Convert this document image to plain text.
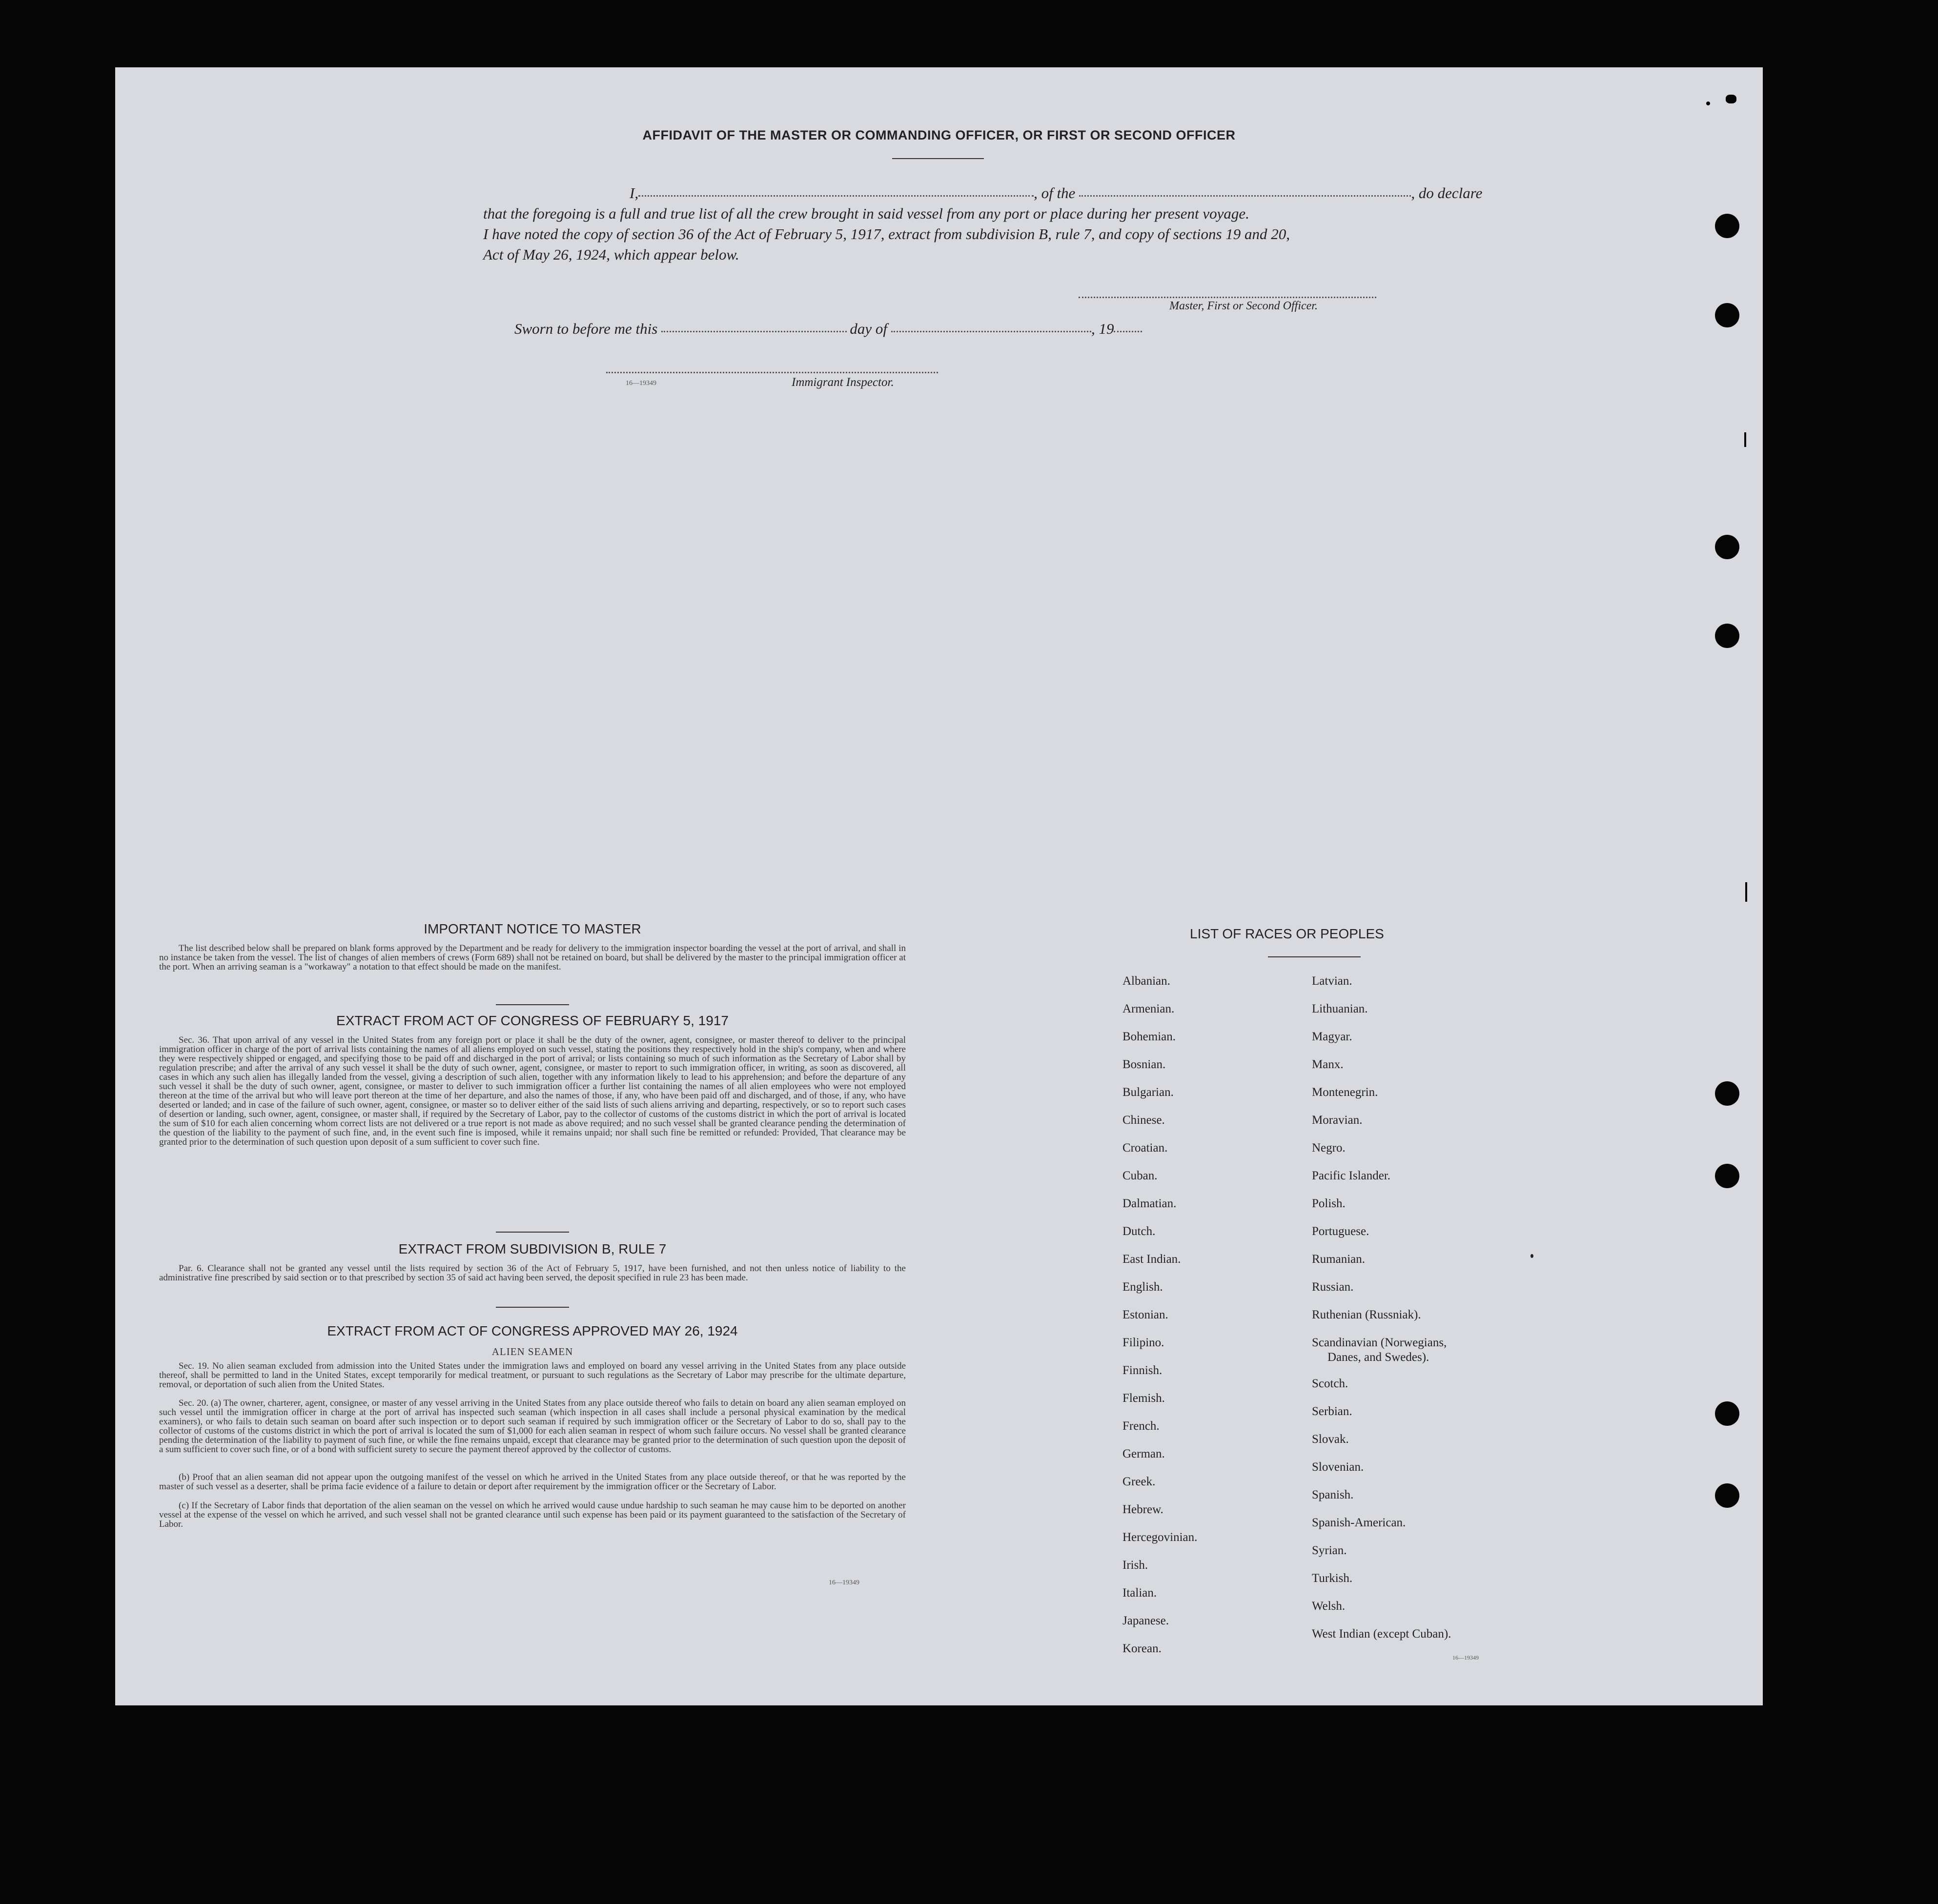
AFFIDAVIT OF THE MASTER OR COMMANDING OFFICER, OR FIRST OR SECOND OFFICER
I,	, of the	, do declare
that the foregoing is a full and true list of all the crew brought in said vessel from any port or place during her present voyage.
I have noted the copy of section 36 of the Act of February 5, 1917, extract from subdivision B, rule 7, and copy of sections 19 and 20,
Act of May 26, 1924, which appear below.
Master, First or Second Officer.
Sworn to before me this	day of	, 19
16—19349	Immigrant Inspector.
IMPORTANT NOTICE TO MASTER
The list described below shall be prepared on blank forms approved by the Department and be ready for delivery to the immigration inspector boarding the vessel at the port of arrival, and shall in no instance be taken from the vessel. The list of changes of alien members of crews (Form 689) shall not be retained on board, but shall be delivered by the master to the principal immigration officer at the port. When an arriving seaman is a "workaway" a notation to that effect should be made on the manifest.
EXTRACT FROM ACT OF CONGRESS OF FEBRUARY 5, 1917
Sec. 36. That upon arrival of any vessel in the United States from any foreign port or place it shall be the duty of the owner, agent, consignee, or master thereof to deliver to the principal immigration officer in charge of the port of arrival lists containing the names of all aliens employed on such vessel, stating the positions they respectively hold in the ship's company, when and where they were respectively shipped or engaged, and specifying those to be paid off and discharged in the port of arrival; or lists containing so much of such information as the Secretary of Labor shall by regulation prescribe; and after the arrival of any such vessel it shall be the duty of such owner, agent, consignee, or master to report to such immigration officer, in writing, as soon as discovered, all cases in which any such alien has illegally landed from the vessel, giving a description of such alien, together with any information likely to lead to his apprehension; and before the departure of any such vessel it shall be the duty of such owner, agent, consignee, or master to deliver to such immigration officer a further list containing the names of all alien employees who were not employed thereon at the time of the arrival but who will leave port thereon at the time of her departure, and also the names of those, if any, who have been paid off and discharged, and of those, if any, who have deserted or landed; and in case of the failure of such owner, agent, consignee, or master so to deliver either of the said lists of such aliens arriving and departing, respectively, or so to report such cases of desertion or landing, such owner, agent, consignee, or master shall, if required by the Secretary of Labor, pay to the collector of customs of the customs district in which the port of arrival is located the sum of $10 for each alien concerning whom correct lists are not delivered or a true report is not made as above required; and no such vessel shall be granted clearance pending the determination of the question of the liability to the payment of such fine, and, in the event such fine is imposed, while it remains unpaid; nor shall such fine be remitted or refunded: Provided, That clearance may be granted prior to the determination of such question upon deposit of a sum sufficient to cover such fine.
EXTRACT FROM SUBDIVISION B, RULE 7
Par. 6. Clearance shall not be granted any vessel until the lists required by section 36 of the Act of February 5, 1917, have been furnished, and not then unless notice of liability to the administrative fine prescribed by said section or to that prescribed by section 35 of said act having been served, the deposit specified in rule 23 has been made.
EXTRACT FROM ACT OF CONGRESS APPROVED MAY 26, 1924
ALIEN SEAMEN
Sec. 19. No alien seaman excluded from admission into the United States under the immigration laws and employed on board any vessel arriving in the United States from any place outside thereof, shall be permitted to land in the United States, except temporarily for medical treatment, or pursuant to such regulations as the Secretary of Labor may prescribe for the ultimate departure, removal, or deportation of such alien from the United States.
Sec. 20. (a) The owner, charterer, agent, consignee, or master of any vessel arriving in the United States from any place outside thereof who fails to detain on board any alien seaman employed on such vessel until the immigration officer in charge at the port of arrival has inspected such seaman (which inspection in all cases shall include a personal physical examination by the medical examiners), or who fails to detain such seaman on board after such inspection or to deport such seaman if required by such immigration officer or the Secretary of Labor to do so, shall pay to the collector of customs of the customs district in which the port of arrival is located the sum of $1,000 for each alien seaman in respect of whom such failure occurs. No vessel shall be granted clearance pending the determination of the liability to payment of such fine, or while the fine remains unpaid, except that clearance may be granted prior to the determination of such question upon the deposit of a sum sufficient to cover such fine, or of a bond with sufficient surety to secure the payment thereof approved by the collector of customs.
(b) Proof that an alien seaman did not appear upon the outgoing manifest of the vessel on which he arrived in the United States from any place outside thereof, or that he was reported by the master of such vessel as a deserter, shall be prima facie evidence of a failure to detain or deport after requirement by the immigration officer or the Secretary of Labor.
(c) If the Secretary of Labor finds that deportation of the alien seaman on the vessel on which he arrived would cause undue hardship to such seaman he may cause him to be deported on another vessel at the expense of the vessel on which he arrived, and such vessel shall not be granted clearance until such expense has been paid or its payment guaranteed to the satisfaction of the Secretary of Labor.
16—19349
LIST OF RACES OR PEOPLES
Albanian.
Armenian.
Bohemian.
Bosnian.
Bulgarian.
Chinese.
Croatian.
Cuban.
Dalmatian.
Dutch.
East Indian.
English.
Estonian.
Filipino.
Finnish.
Flemish.
French.
German.
Greek.
Hebrew.
Hercegovinian.
Irish.
Italian.
Japanese.
Korean.
Latvian.
Lithuanian.
Magyar.
Manx.
Montenegrin.
Moravian.
Negro.
Pacific Islander.
Polish.
Portuguese.
Rumanian.
Russian.
Ruthenian (Russniak).
Scandinavian (Norwegians,
Danes, and Swedes).
Scotch.
Serbian.
Slovak.
Slovenian.
Spanish.
Spanish-American.
Syrian.
Turkish.
Welsh.
West Indian (except Cuban).
16—19349
